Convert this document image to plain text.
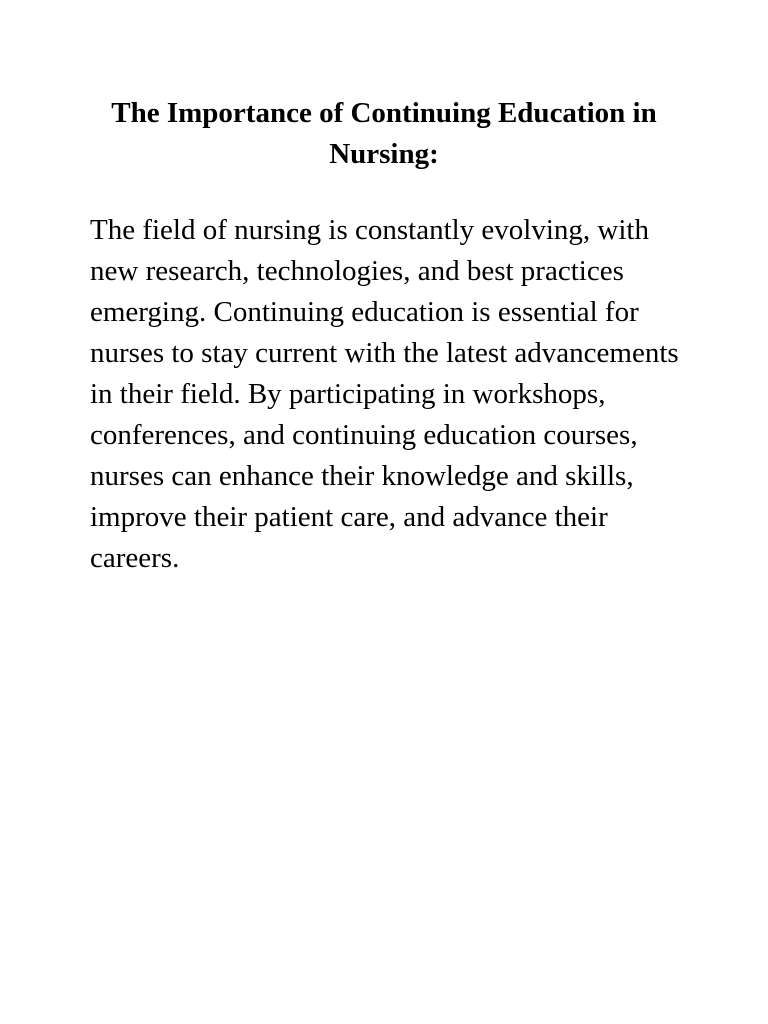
The Importance of Continuing Education in Nursing:

The field of nursing is constantly evolving, with new research, technologies, and best practices emerging. Continuing education is essential for nurses to stay current with the latest advancements in their field. By participating in workshops, conferences, and continuing education courses, nurses can enhance their knowledge and skills, improve their patient care, and advance their careers.
